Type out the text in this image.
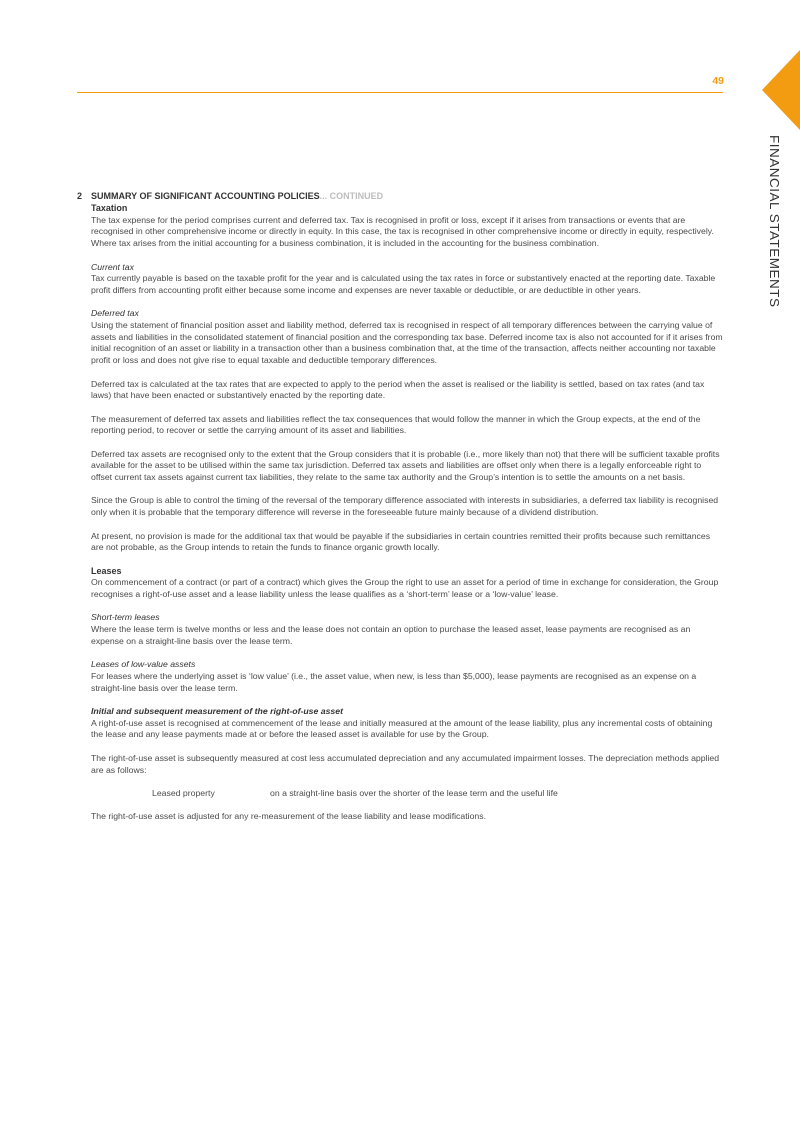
49
FINANCIAL STATEMENTS
2 SUMMARY OF SIGNIFICANT ACCOUNTING POLICIES... CONTINUED
Taxation

The tax expense for the period comprises current and deferred tax. Tax is recognised in profit or loss, except if it arises from transactions or events that are recognised in other comprehensive income or directly in equity. In this case, the tax is recognised in other comprehensive income or directly in equity, respectively. Where tax arises from the initial accounting for a business combination, it is included in the accounting for the business combination.

Current tax

Tax currently payable is based on the taxable profit for the year and is calculated using the tax rates in force or substantively enacted at the reporting date. Taxable profit differs from accounting profit either because some income and expenses are never taxable or deductible, or are deductible in other years.

Deferred tax

Using the statement of financial position asset and liability method, deferred tax is recognised in respect of all temporary differences between the carrying value of assets and liabilities in the consolidated statement of financial position and the corresponding tax base. Deferred income tax is also not accounted for if it arises from initial recognition of an asset or liability in a transaction other than a business combination that, at the time of the transaction, affects neither accounting nor taxable profit or loss and does not give rise to equal taxable and deductible temporary differences.

Deferred tax is calculated at the tax rates that are expected to apply to the period when the asset is realised or the liability is settled, based on tax rates (and tax laws) that have been enacted or substantively enacted by the reporting date.

The measurement of deferred tax assets and liabilities reflect the tax consequences that would follow the manner in which the Group expects, at the end of the reporting period, to recover or settle the carrying amount of its asset and liabilities.

Deferred tax assets are recognised only to the extent that the Group considers that it is probable (i.e., more likely than not) that there will be sufficient taxable profits available for the asset to be utilised within the same tax jurisdiction. Deferred tax assets and liabilities are offset only when there is a legally enforceable right to offset current tax assets against current tax liabilities, they relate to the same tax authority and the Group’s intention is to settle the amounts on a net basis.

Since the Group is able to control the timing of the reversal of the temporary difference associated with interests in subsidiaries, a deferred tax liability is recognised only when it is probable that the temporary difference will reverse in the foreseeable future mainly because of a dividend distribution.

At present, no provision is made for the additional tax that would be payable if the subsidiaries in certain countries remitted their profits because such remittances are not probable, as the Group intends to retain the funds to finance organic growth locally.

Leases

On commencement of a contract (or part of a contract) which gives the Group the right to use an asset for a period of time in exchange for consideration, the Group recognises a right-of-use asset and a lease liability unless the lease qualifies as a ‘short-term’ lease or a ‘low-value’ lease.

Short-term leases

Where the lease term is twelve months or less and the lease does not contain an option to purchase the leased asset, lease payments are recognised as an expense on a straight-line basis over the lease term.

Leases of low-value assets

For leases where the underlying asset is ‘low value’ (i.e., the asset value, when new, is less than $5,000), lease payments are recognised as an expense on a straight-line basis over the lease term.

Initial and subsequent measurement of the right-of-use asset

A right-of-use asset is recognised at commencement of the lease and initially measured at the amount of the lease liability, plus any incremental costs of obtaining the lease and any lease payments made at or before the leased asset is available for use by the Group.

The right-of-use asset is subsequently measured at cost less accumulated depreciation and any accumulated impairment losses. The depreciation methods applied are as follows:

Leased property	on a straight-line basis over the shorter of the lease term and the useful life

The right-of-use asset is adjusted for any re-measurement of the lease liability and lease modifications.
